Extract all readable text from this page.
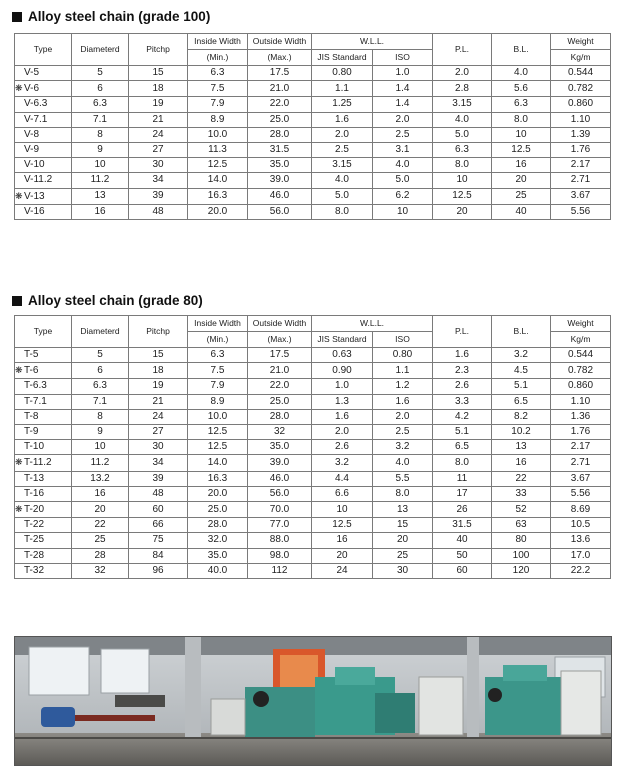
Alloy steel chain (grade 100)
Type	Diameterd	Pitchp	Inside Width	Outside Width	W.L.L.		P.L.	B.L.	Weight
			(Min.)	(Max.)	JIS Standard	ISO			Kg/m
V-5	5	15	6.3	17.5	0.80	1.0	2.0	4.0	0.544
❋V-6	6	18	7.5	21.0	1.1	1.4	2.8	5.6	0.782
V-6.3	6.3	19	7.9	22.0	1.25	1.4	3.15	6.3	0.860
V-7.1	7.1	21	8.9	25.0	1.6	2.0	4.0	8.0	1.10
V-8	8	24	10.0	28.0	2.0	2.5	5.0	10	1.39
V-9	9	27	11.3	31.5	2.5	3.1	6.3	12.5	1.76
V-10	10	30	12.5	35.0	3.15	4.0	8.0	16	2.17
V-11.2	11.2	34	14.0	39.0	4.0	5.0	10	20	2.71
❋V-13	13	39	16.3	46.0	5.0	6.2	12.5	25	3.67
V-16	16	48	20.0	56.0	8.0	10	20	40	5.56
Alloy steel chain (grade 80)
Type	Diameterd	Pitchp	Inside Width	Outside Width	W.L.L.		P.L.	B.L.	Weight
			(Min.)	(Max.)	JIS Standard	ISO			Kg/m
T-5	5	15	6.3	17.5	0.63	0.80	1.6	3.2	0.544
❋T-6	6	18	7.5	21.0	0.90	1.1	2.3	4.5	0.782
T-6.3	6.3	19	7.9	22.0	1.0	1.2	2.6	5.1	0.860
T-7.1	7.1	21	8.9	25.0	1.3	1.6	3.3	6.5	1.10
T-8	8	24	10.0	28.0	1.6	2.0	4.2	8.2	1.36
T-9	9	27	12.5	32	2.0	2.5	5.1	10.2	1.76
T-10	10	30	12.5	35.0	2.6	3.2	6.5	13	2.17
❋T-11.2	11.2	34	14.0	39.0	3.2	4.0	8.0	16	2.71
T-13	13.2	39	16.3	46.0	4.4	5.5	11	22	3.67
T-16	16	48	20.0	56.0	6.6	8.0	17	33	5.56
❋T-20	20	60	25.0	70.0	10	13	26	52	8.69
T-22	22	66	28.0	77.0	12.5	15	31.5	63	10.5
T-25	25	75	32.0	88.0	16	20	40	80	13.6
T-28	28	84	35.0	98.0	20	25	50	100	17.0
T-32	32	96	40.0	112	24	30	60	120	22.2
